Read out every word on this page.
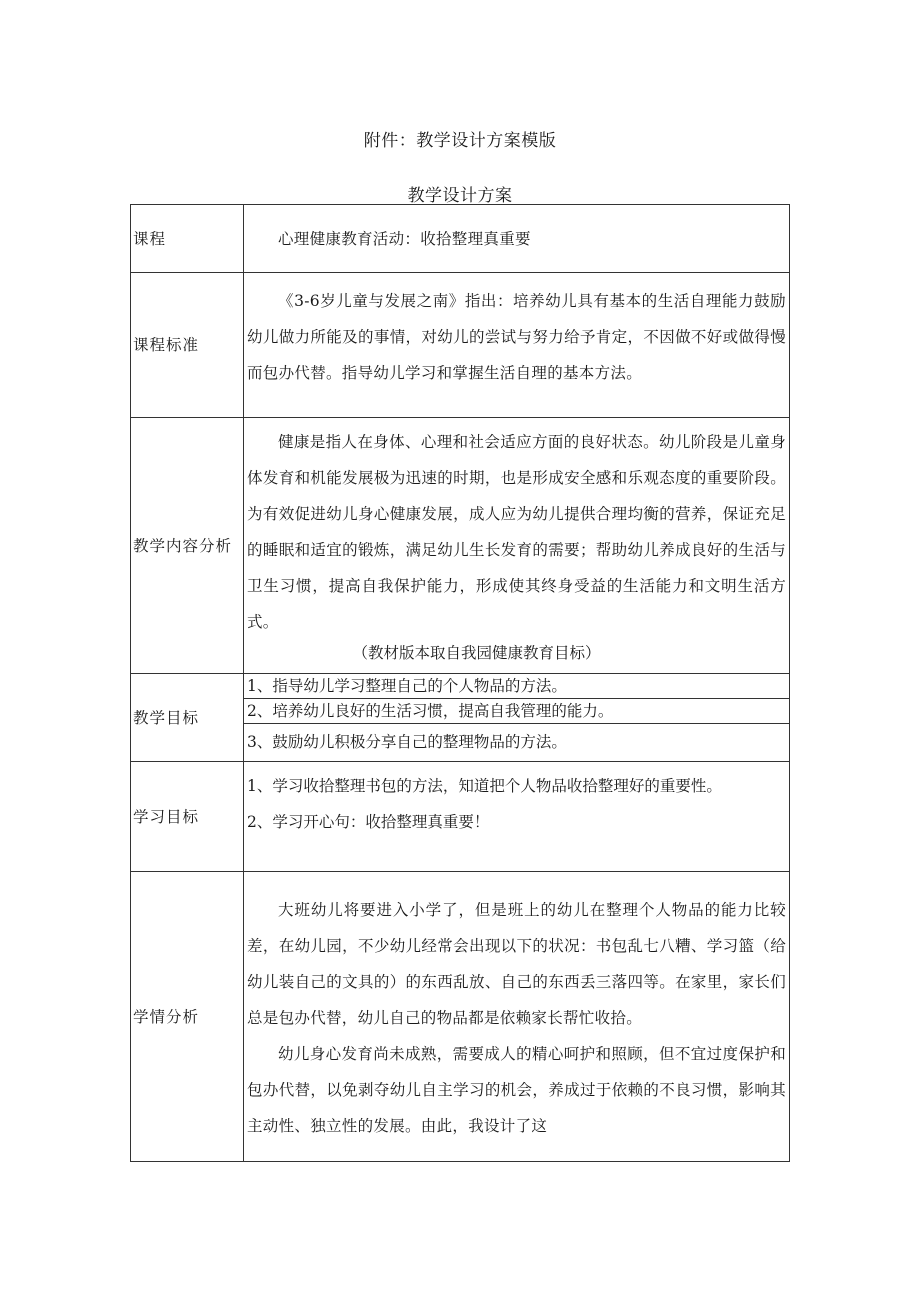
附件：教学设计方案模版
教学设计方案
课程	心理健康教育活动：收拾整理真重要

课程标准	《3-6岁儿童与发展之南》指出：培养幼儿具有基本的生活自理能力鼓励幼儿做力所能及的事情，对幼儿的尝试与努力给予肯定，不因做不好或做得慢而包办代替。指导幼儿学习和掌握生活自理的基本方法。

教学内容分析	健康是指人在身体、心理和社会适应方面的良好状态。幼儿阶段是儿童身体发育和机能发展极为迅速的时期，也是形成安全感和乐观态度的重要阶段。为有效促进幼儿身心健康发展，成人应为幼儿提供合理均衡的营养，保证充足的睡眠和适宜的锻炼，满足幼儿生长发育的需要；帮助幼儿养成良好的生活与卫生习惯，提高自我保护能力，形成使其终身受益的生活能力和文明生活方式。
（教材版本取自我园健康教育目标）

教学目标	1、指导幼儿学习整理自己的个人物品的方法。
2、培养幼儿良好的生活习惯，提高自我管理的能力。
3、鼓励幼儿积极分享自己的整理物品的方法。

学习目标	1、学习收拾整理书包的方法，知道把个人物品收拾整理好的重要性。
2、学习开心句：收拾整理真重要！

学情分析	大班幼儿将要进入小学了，但是班上的幼儿在整理个人物品的能力比较差，在幼儿园，不少幼儿经常会出现以下的状况：书包乱七八糟、学习篮（给幼儿装自己的文具的）的东西乱放、自己的东西丢三落四等。在家里，家长们总是包办代替，幼儿自己的物品都是依赖家长帮忙收拾。
幼儿身心发育尚未成熟，需要成人的精心呵护和照顾，但不宜过度保护和包办代替，以免剥夺幼儿自主学习的机会，养成过于依赖的不良习惯，影响其主动性、独立性的发展。由此，我设计了这
